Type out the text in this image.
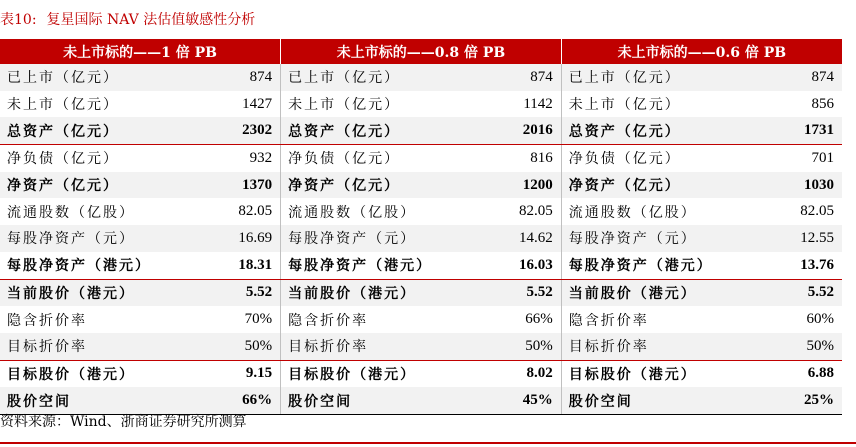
表10: 复星国际 NAV 法估值敏感性分析
未上市标的——1 倍 PB		未上市标的——0.8 倍 PB		未上市标的——0.6 倍 PB	
已上市（亿元）	874	已上市（亿元）	874	已上市（亿元）	874
未上市（亿元）	1427	未上市（亿元）	1142	未上市（亿元）	856
总资产（亿元）	2302	总资产（亿元）	2016	总资产（亿元）	1731
净负债（亿元）	932	净负债（亿元）	816	净负债（亿元）	701
净资产（亿元）	1370	净资产（亿元）	1200	净资产（亿元）	1030
流通股数（亿股）	82.05	流通股数（亿股）	82.05	流通股数（亿股）	82.05
每股净资产（元）	16.69	每股净资产（元）	14.62	每股净资产（元）	12.55
每股净资产（港元）	18.31	每股净资产（港元）	16.03	每股净资产（港元）	13.76
当前股价（港元）	5.52	当前股价（港元）	5.52	当前股价（港元）	5.52
隐含折价率	70%	隐含折价率	66%	隐含折价率	60%
目标折价率	50%	目标折价率	50%	目标折价率	50%
目标股价（港元）	9.15	目标股价（港元）	8.02	目标股价（港元）	6.88
股价空间	66%	股价空间	45%	股价空间	25%
资料来源：Wind、浙商证券研究所测算
